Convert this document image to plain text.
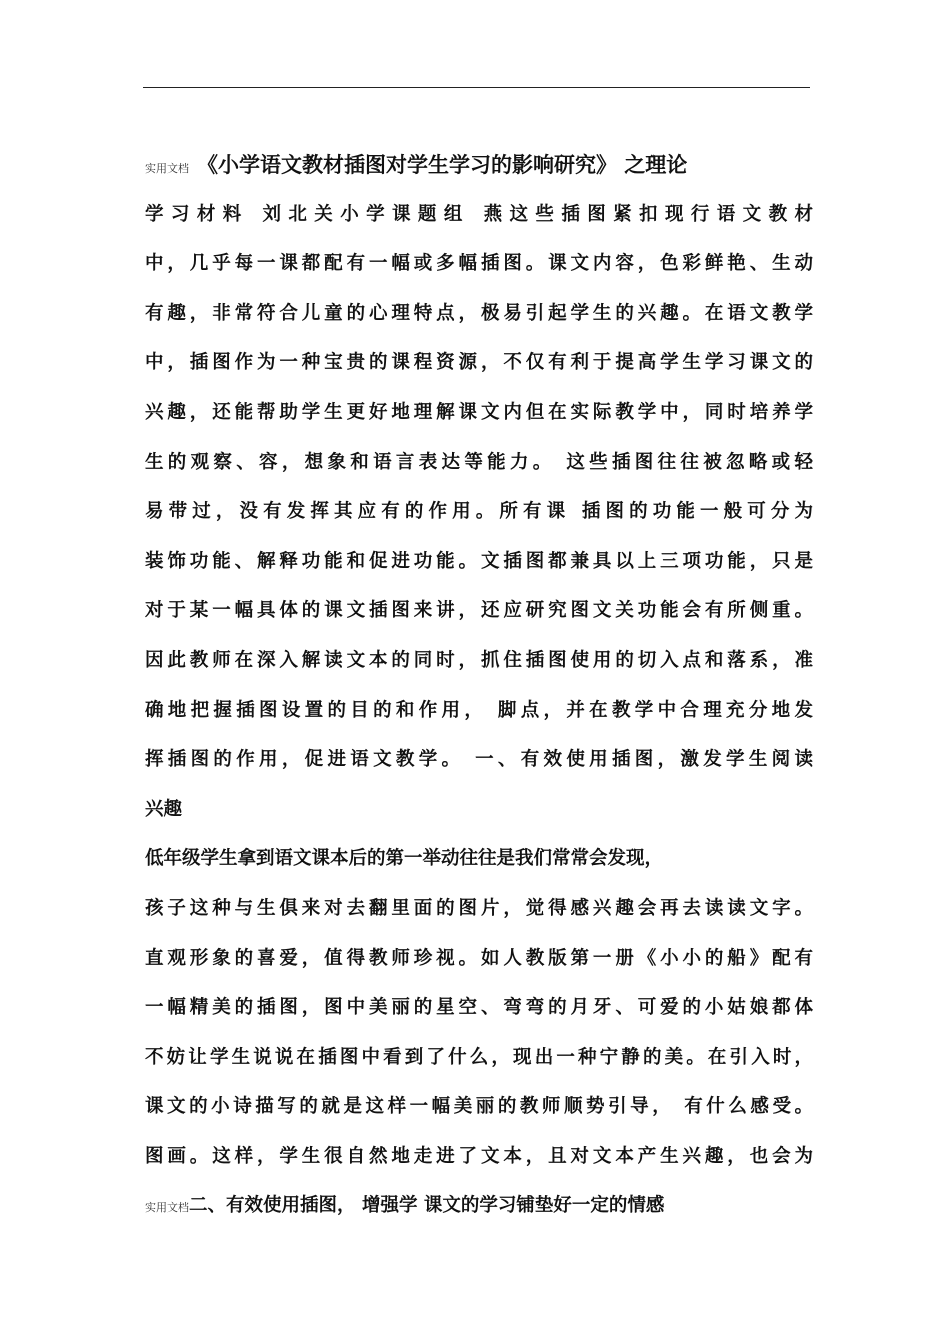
实用文档 《小学语文教材插图对学生学习的影响研究》 之理论
学习材料 刘北关小学课题组 燕这些插图紧扣现行语文教材
中，几乎每一课都配有一幅或多幅插图。课文内容，色彩鲜艳、生动
有趣，非常符合儿童的心理特点，极易引起学生的兴趣。在语文教学
中，插图作为一种宝贵的课程资源，不仅有利于提高学生学习课文的
兴趣，还能帮助学生更好地理解课文内但在实际教学中，同时培养学
生的观察、容，想象和语言表达等能力。 这些插图往往被忽略或轻
易带过，没有发挥其应有的作用。所有课 插图的功能一般可分为
装饰功能、解释功能和促进功能。文插图都兼具以上三项功能，只是
对于某一幅具体的课文插图来讲，还应研究图文关功能会有所侧重。
因此教师在深入解读文本的同时，抓住插图使用的切入点和落系，准
确地把握插图设置的目的和作用， 脚点，并在教学中合理充分地发
挥插图的作用，促进语文教学。 一、有效使用插图，激发学生阅读
兴趣
低年级学生拿到语文课本后的第一举动往往是我们常常会发现，
孩子这种与生俱来对去翻里面的图片，觉得感兴趣会再去读读文字。
直观形象的喜爱，值得教师珍视。如人教版第一册《小小的船》配有
一幅精美的插图，图中美丽的星空、弯弯的月牙、可爱的小姑娘都体
不妨让学生说说在插图中看到了什么，现出一种宁静的美。在引入时，
课文的小诗描写的就是这样一幅美丽的教师顺势引导， 有什么感受。
图画。这样，学生很自然地走进了文本，且对文本产生兴趣，也会为
实用文档二、有效使用插图， 增强学 课文的学习铺垫好一定的情感
